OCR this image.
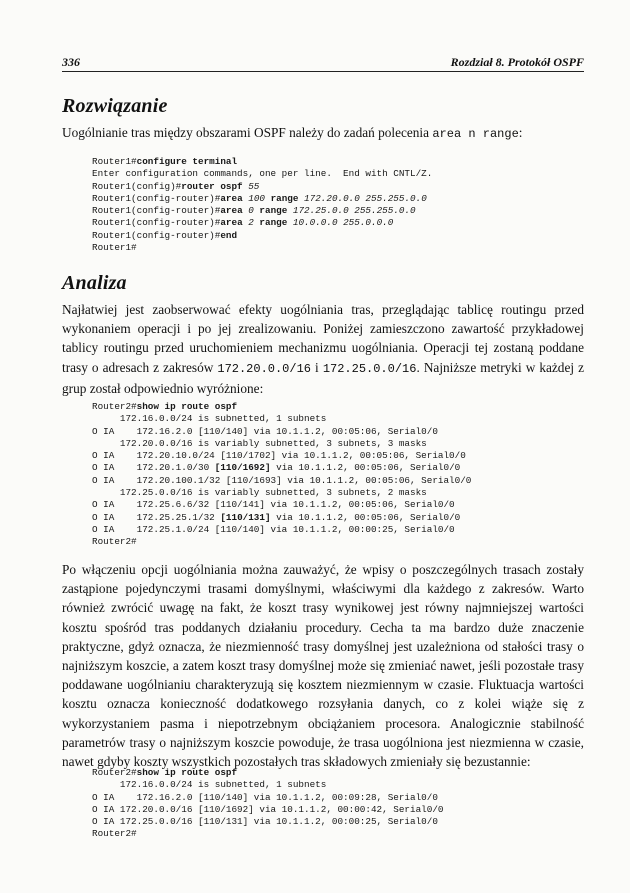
336	Rozdział 8. Protokół OSPF
Rozwiązanie

Uogólnianie tras między obszarami OSPF należy do zadań polecenia area n range:

Router1#configure terminal
Enter configuration commands, one per line.  End with CNTL/Z.
Router1(config)#router ospf 55
Router1(config-router)#area 100 range 172.20.0.0 255.255.0.0
Router1(config-router)#area 0 range 172.25.0.0 255.255.0.0
Router1(config-router)#area 2 range 10.0.0.0 255.0.0.0
Router1(config-router)#end
Router1#
Analiza

Najłatwiej jest zaobserwować efekty uogólniania tras, przeglądając tablicę routingu przed wykonaniem operacji i po jej zrealizowaniu. Poniżej zamieszczono zawartość przykładowej tablicy routingu przed uruchomieniem mechanizmu uogólniania. Operacji tej zostaną poddane trasy o adresach z zakresów 172.20.0.0/16 i 172.25.0.0/16. Najniższe metryki w każdej z grup został odpowiednio wyróżnione:

Router2#show ip route ospf
172.16.0.0/24 is subnetted, 1 subnets
O IA    172.16.2.0 [110/140] via 10.1.1.2, 00:05:06, Serial0/0
172.20.0.0/16 is variably subnetted, 3 subnets, 3 masks
O IA    172.20.10.0/24 [110/1702] via 10.1.1.2, 00:05:06, Serial0/0
O IA    172.20.1.0/30 [110/1692] via 10.1.1.2, 00:05:06, Serial0/0
O IA    172.20.100.1/32 [110/1693] via 10.1.1.2, 00:05:06, Serial0/0
172.25.0.0/16 is variably subnetted, 3 subnets, 2 masks
O IA    172.25.6.6/32 [110/141] via 10.1.1.2, 00:05:06, Serial0/0
O IA    172.25.25.1/32 [110/131] via 10.1.1.2, 00:05:06, Serial0/0
O IA    172.25.1.0/24 [110/140] via 10.1.1.2, 00:00:25, Serial0/0
Router2#

Po włączeniu opcji uogólniania można zauważyć, że wpisy o poszczególnych trasach zostały zastąpione pojedynczymi trasami domyślnymi, właściwymi dla każdego z zakresów. Warto również zwrócić uwagę na fakt, że koszt trasy wynikowej jest równy najmniejszej wartości kosztu spośród tras poddanych działaniu procedury. Cecha ta ma bardzo duże znaczenie praktyczne, gdyż oznacza, że niezmienność trasy domyślnej jest uzależniona od stałości trasy o najniższym koszcie, a zatem koszt trasy domyślnej może się zmieniać nawet, jeśli pozostałe trasy poddawane uogólnianiu charakteryzują się kosztem niezmiennym w czasie. Fluktuacja wartości kosztu oznacza konieczność dodatkowego rozsyłania danych, co z kolei wiąże się z wykorzystaniem pasma i niepotrzebnym obciążaniem procesora. Analogicznie stabilność parametrów trasy o najniższym koszcie powoduje, że trasa uogólniona jest niezmienna w czasie, nawet gdyby koszty wszystkich pozostałych tras składowych zmieniały się bezustannie:

Router2#show ip route ospf
172.16.0.0/24 is subnetted, 1 subnets
O IA    172.16.2.0 [110/140] via 10.1.1.2, 00:09:28, Serial0/0
O IA 172.20.0.0/16 [110/1692] via 10.1.1.2, 00:00:42, Serial0/0
O IA 172.25.0.0/16 [110/131] via 10.1.1.2, 00:00:25, Serial0/0
Router2#
